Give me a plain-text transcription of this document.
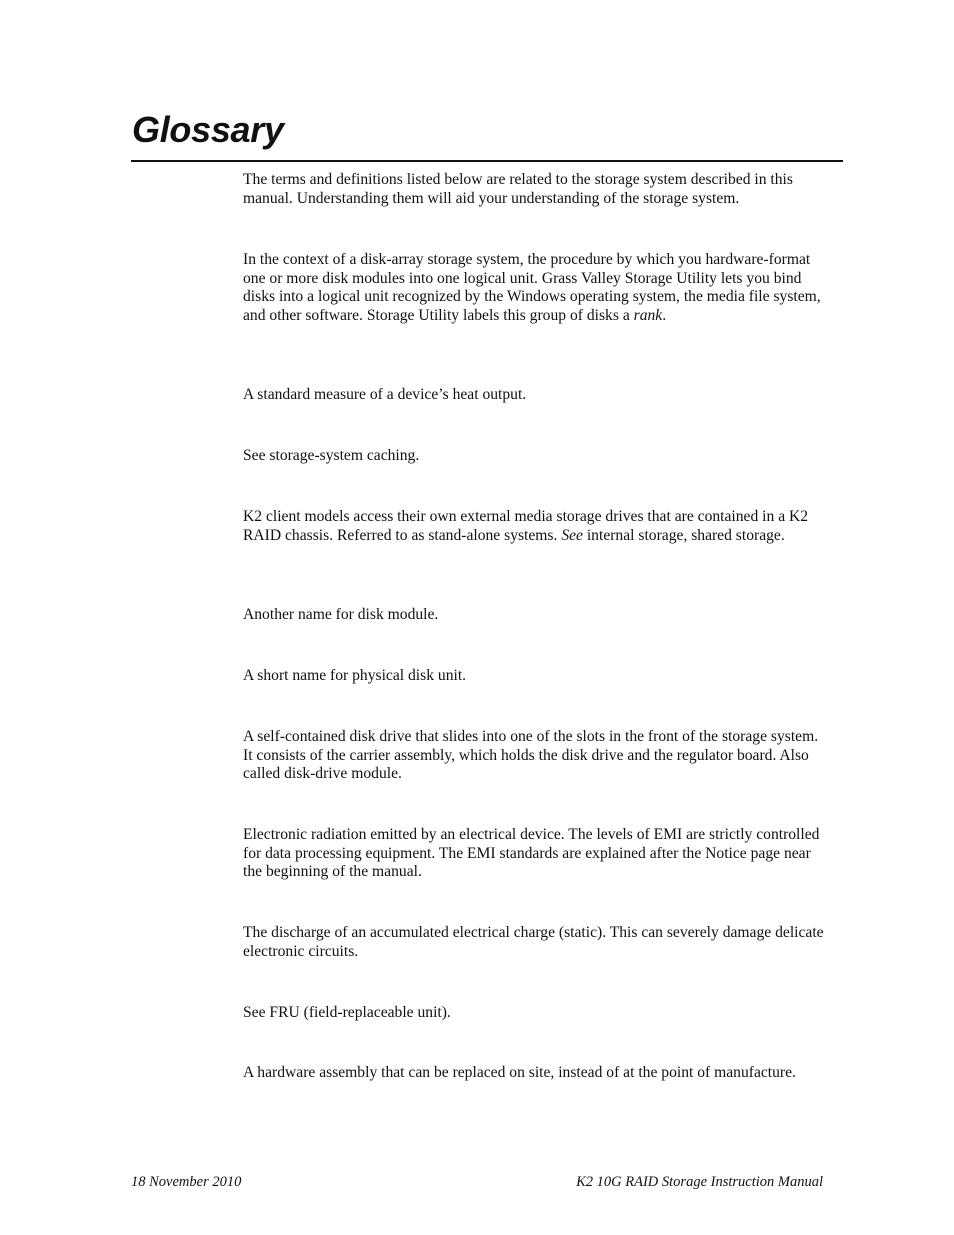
Glossary

The terms and definitions listed below are related to the storage system described in this manual. Understanding them will aid your understanding of the storage system.

In the context of a disk-array storage system, the procedure by which you hardware-format one or more disk modules into one logical unit. Grass Valley Storage Utility lets you bind disks into a logical unit recognized by the Windows operating system, the media file system, and other software. Storage Utility labels this group of disks a rank.

A standard measure of a device’s heat output.

See storage-system caching.

K2 client models access their own external media storage drives that are contained in a K2 RAID chassis. Referred to as stand-alone systems. See internal storage, shared storage.

Another name for disk module.

A short name for physical disk unit.

A self-contained disk drive that slides into one of the slots in the front of the storage system. It consists of the carrier assembly, which holds the disk drive and the regulator board. Also called disk-drive module.

Electronic radiation emitted by an electrical device. The levels of EMI are strictly controlled for data processing equipment. The EMI standards are explained after the Notice page near the beginning of the manual.

The discharge of an accumulated electrical charge (static). This can severely damage delicate electronic circuits.

See FRU (field-replaceable unit).

A hardware assembly that can be replaced on site, instead of at the point of manufacture.

18 November 2010	K2 10G RAID Storage Instruction Manual
